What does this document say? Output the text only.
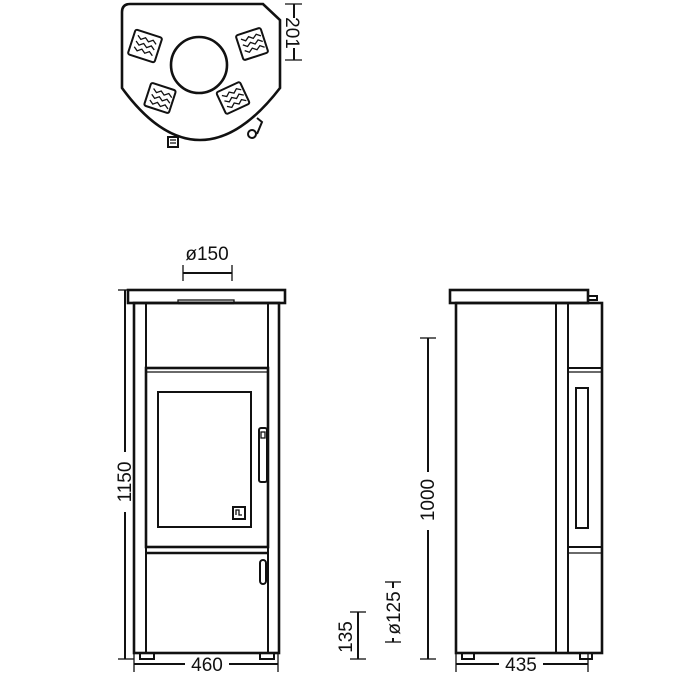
201
ø150
1150
460
1000
135
ø125
435
